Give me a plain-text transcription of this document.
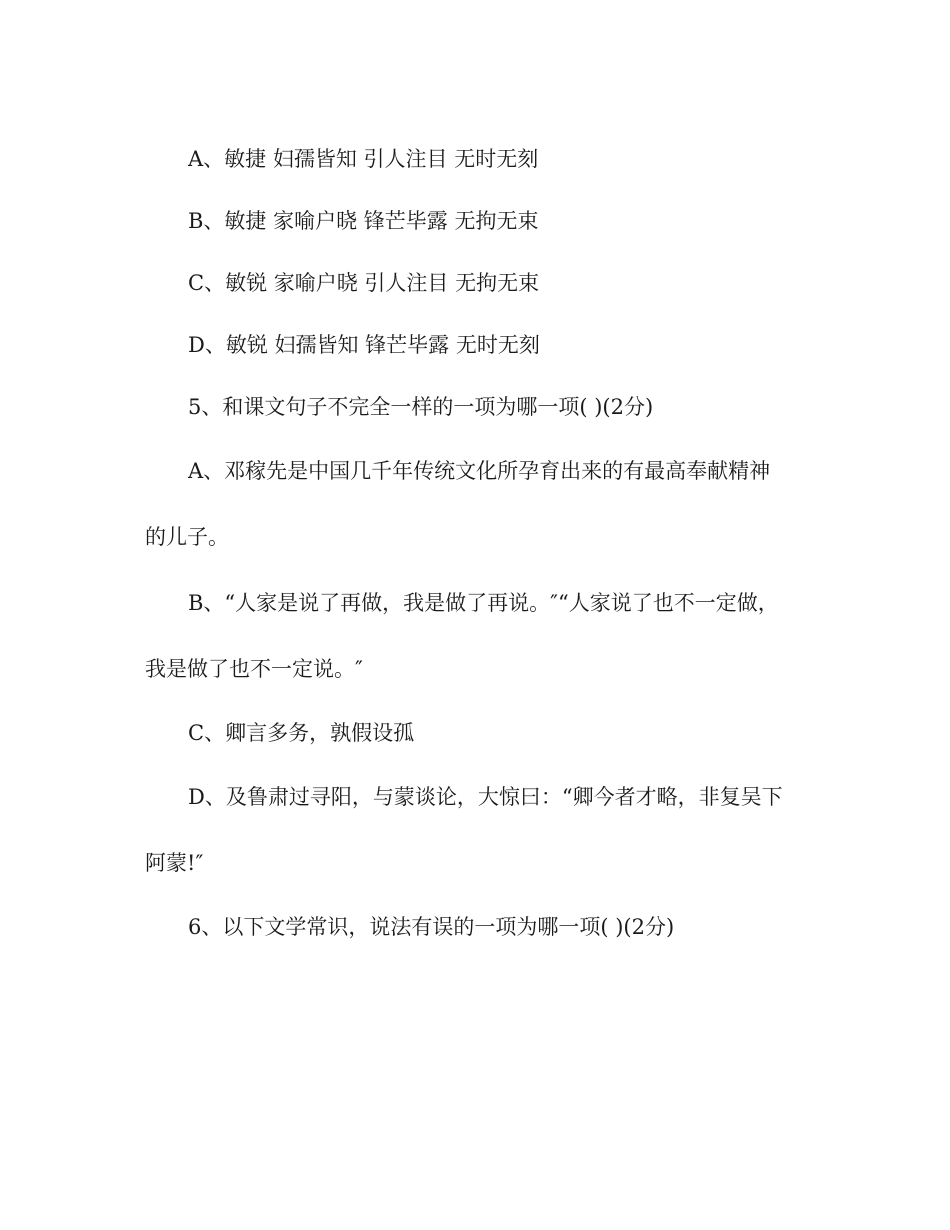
A、敏捷 妇孺皆知 引人注目 无时无刻
B、敏捷 家喻户晓 锋芒毕露 无拘无束
C、敏锐 家喻户晓 引人注目 无拘无束
D、敏锐 妇孺皆知 锋芒毕露 无时无刻
5、和课文句子不完全一样的一项为哪一项( )(2分)
A、邓稼先是中国几千年传统文化所孕育出来的有最高奉献精神
的儿子。
B、“人家是说了再做，我是做了再说。″“人家说了也不一定做，
我是做了也不一定说。″
C、卿言多务，孰假设孤
D、及鲁肃过寻阳，与蒙谈论，大惊曰：“卿今者才略，非复吴下
阿蒙!″
6、以下文学常识，说法有误的一项为哪一项( )(2分)
